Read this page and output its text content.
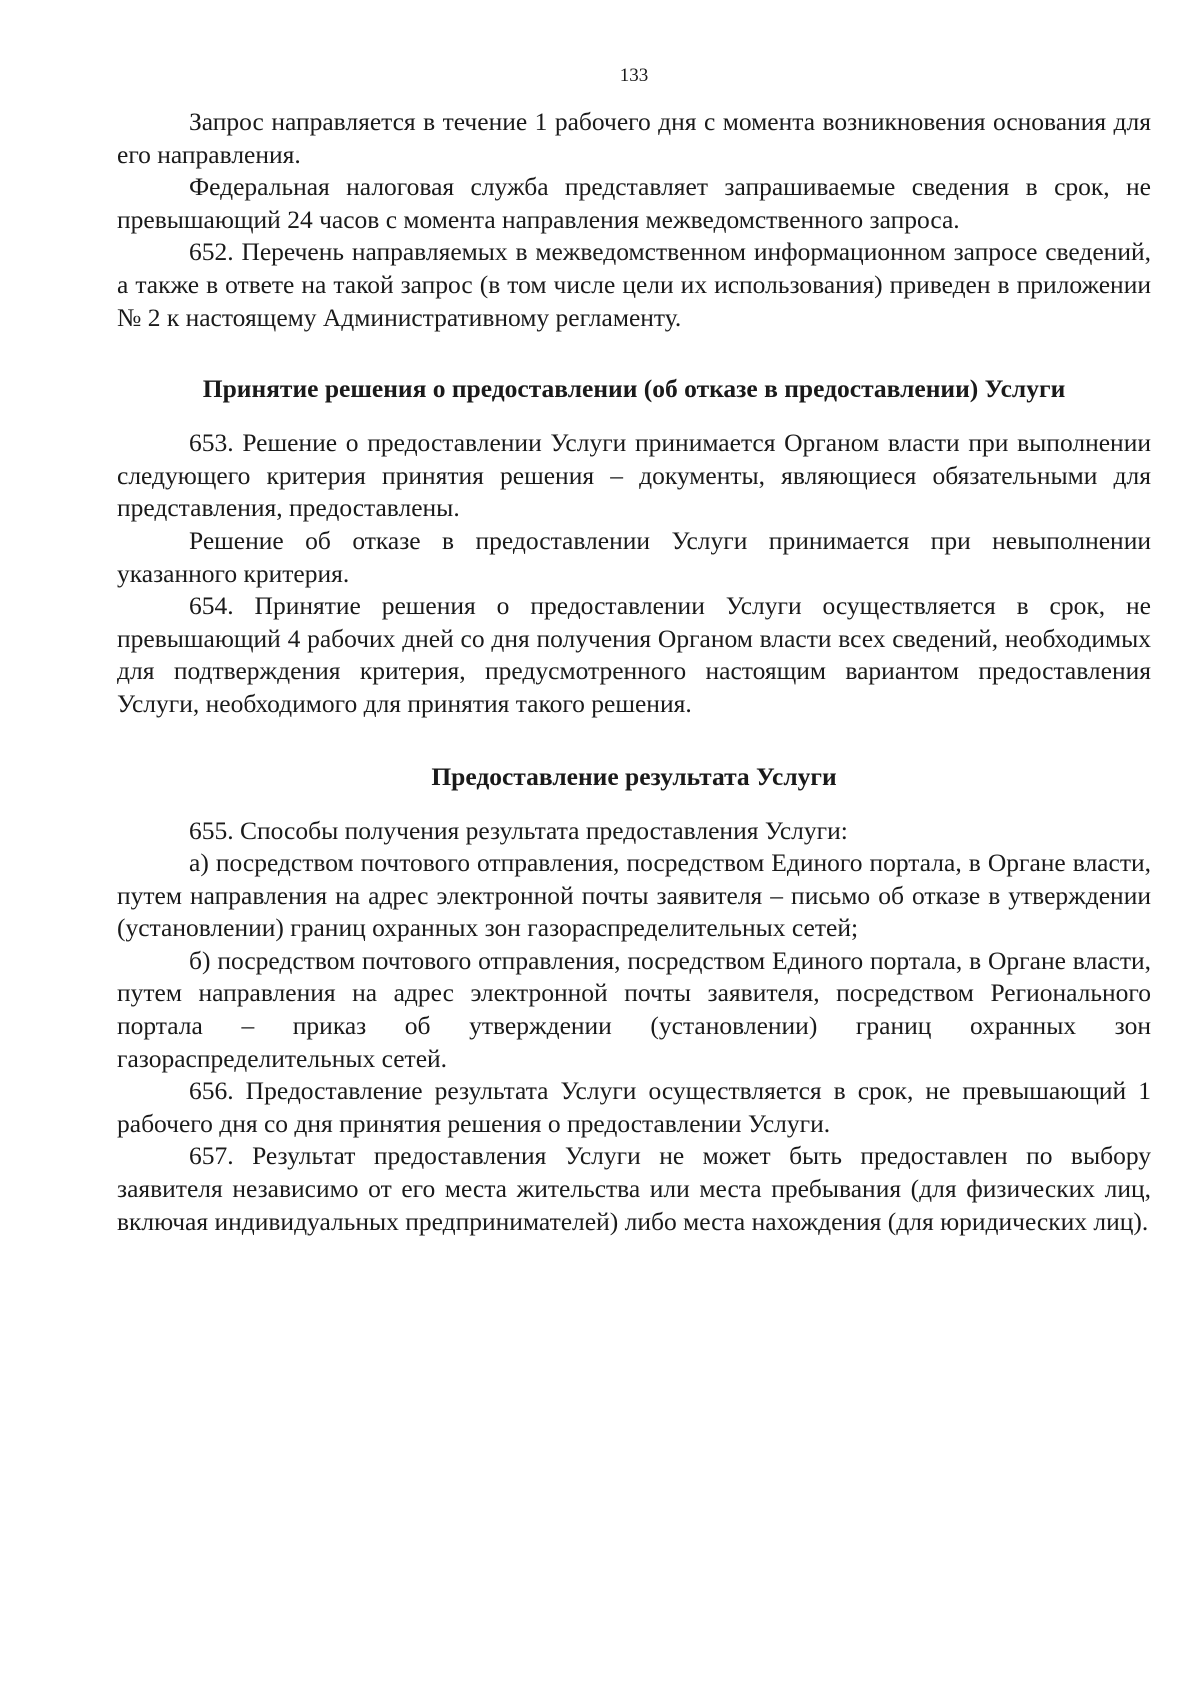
133

Запрос направляется в течение 1 рабочего дня с момента возникновения основания для его направления.

Федеральная налоговая служба представляет запрашиваемые сведения в срок, не превышающий 24 часов с момента направления межведомственного запроса.

652. Перечень направляемых в межведомственном информационном запросе сведений, а также в ответе на такой запрос (в том числе цели их использования) приведен в приложении № 2 к настоящему Административному регламенту.

Принятие решения о предоставлении (об отказе в предоставлении) Услуги

653. Решение о предоставлении Услуги принимается Органом власти при выполнении следующего критерия принятия решения – документы, являющиеся обязательными для представления, предоставлены.

Решение об отказе в предоставлении Услуги принимается при невыполнении указанного критерия.

654. Принятие решения о предоставлении Услуги осуществляется в срок, не превышающий 4 рабочих дней со дня получения Органом власти всех сведений, необходимых для подтверждения критерия, предусмотренного настоящим вариантом предоставления Услуги, необходимого для принятия такого решения.

Предоставление результата Услуги

655. Способы получения результата предоставления Услуги:

а) посредством почтового отправления, посредством Единого портала, в Органе власти, путем направления на адрес электронной почты заявителя – письмо об отказе в утверждении (установлении) границ охранных зон газораспределительных сетей;

б) посредством почтового отправления, посредством Единого портала, в Органе власти, путем направления на адрес электронной почты заявителя, посредством Регионального портала – приказ об утверждении (установлении) границ охранных зон газораспределительных сетей.

656. Предоставление результата Услуги осуществляется в срок, не превышающий 1 рабочего дня со дня принятия решения о предоставлении Услуги.

657. Результат предоставления Услуги не может быть предоставлен по выбору заявителя независимо от его места жительства или места пребывания (для физических лиц, включая индивидуальных предпринимателей) либо места нахождения (для юридических лиц).
